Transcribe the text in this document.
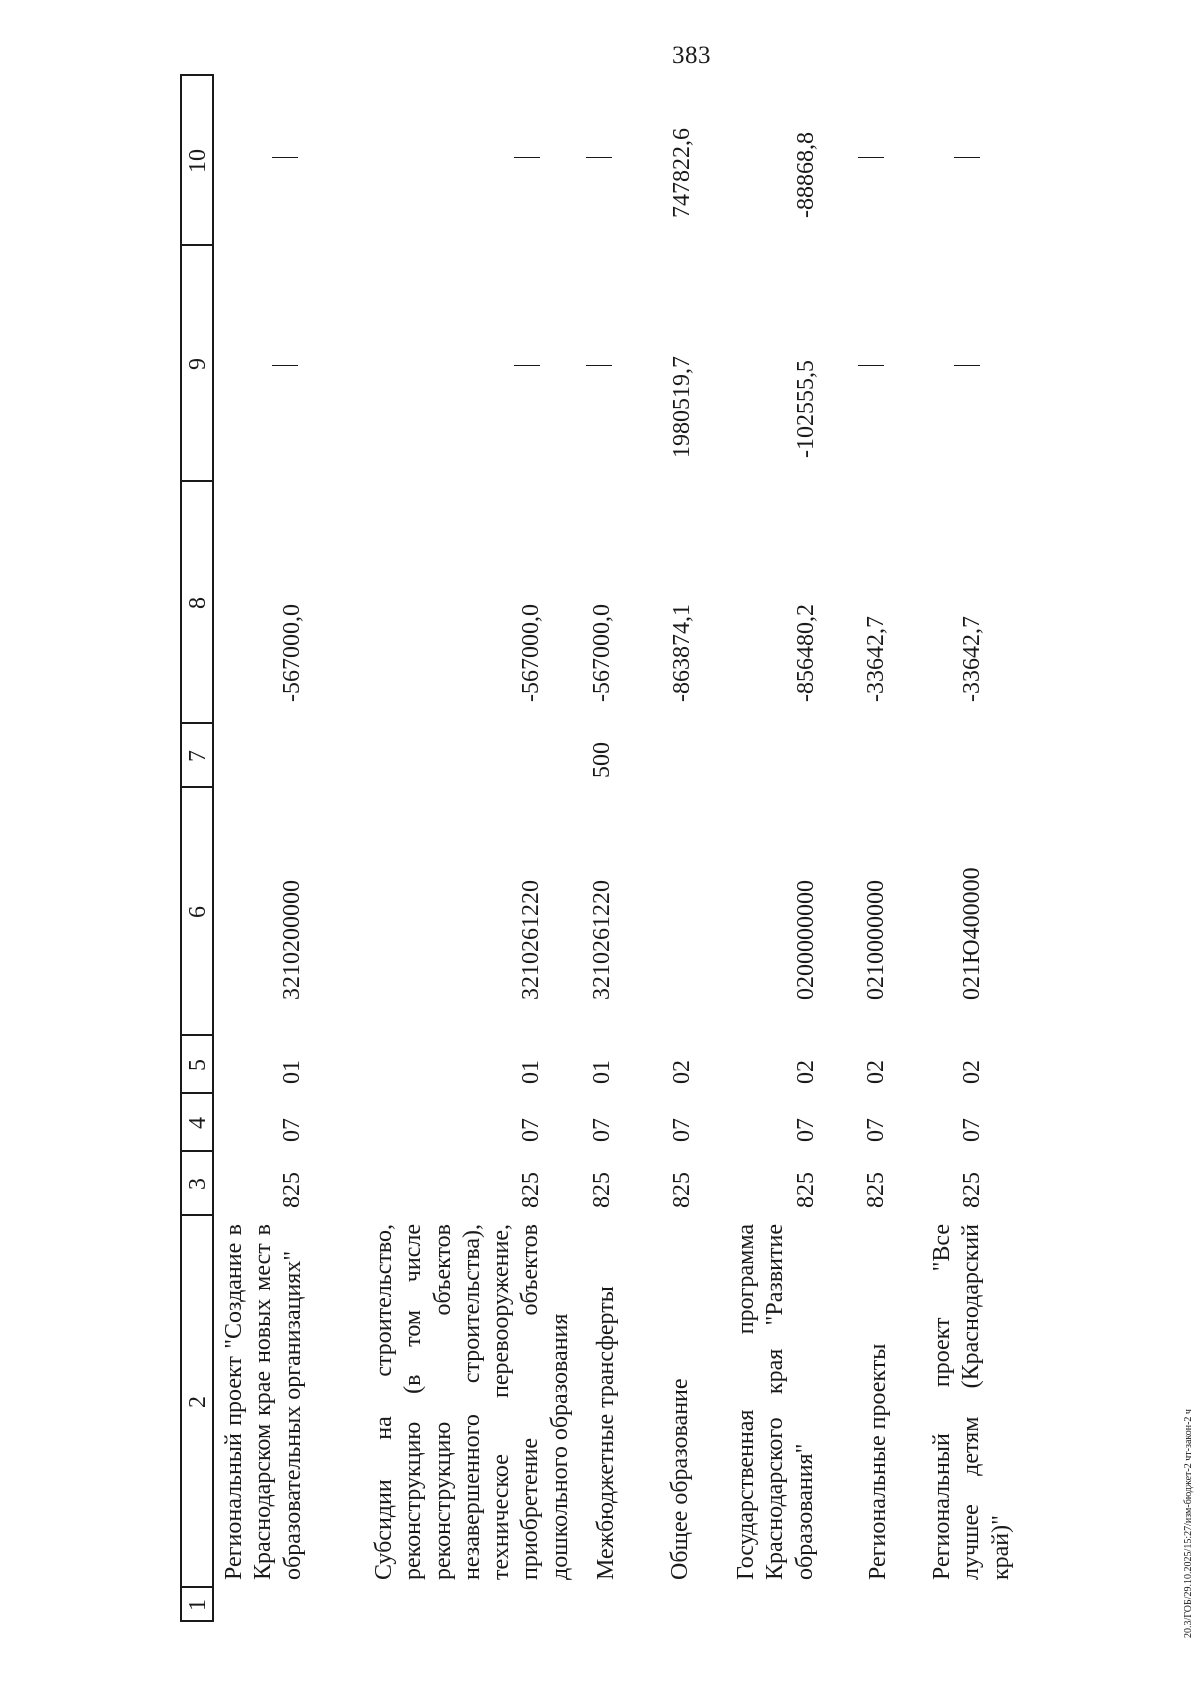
383
20.3/ГОБ/29.10.2025/15:27/изм-бюджет-2 чт-закон-2 ч
1
2
3
4
5
6
7
8
9
10
Региональный проект "Создание в Краснодарском крае новых мест в образовательных организациях"
825
07
01
3210200000
-567000,0
Субсидии на строительство, реконструкцию (в том числе реконструкцию объектов незавершенного строительства), техническое перевооружение, приобретение объектов дошкольного образования
825
07
01
3210261220
-567000,0
Межбюджетные трансферты
825
07
01
3210261220
500
-567000,0
Общее образование
825
07
02
-863874,1
1980519,7
747822,6
Государственная программа Краснодарского края "Развитие образования"
825
07
02
0200000000
-856480,2
-102555,5
-88868,8
Региональные проекты
825
07
02
0210000000
-33642,7
Региональный проект "Все лучшее детям (Краснодарский край)"
825
07
02
021Ю400000
-33642,7
